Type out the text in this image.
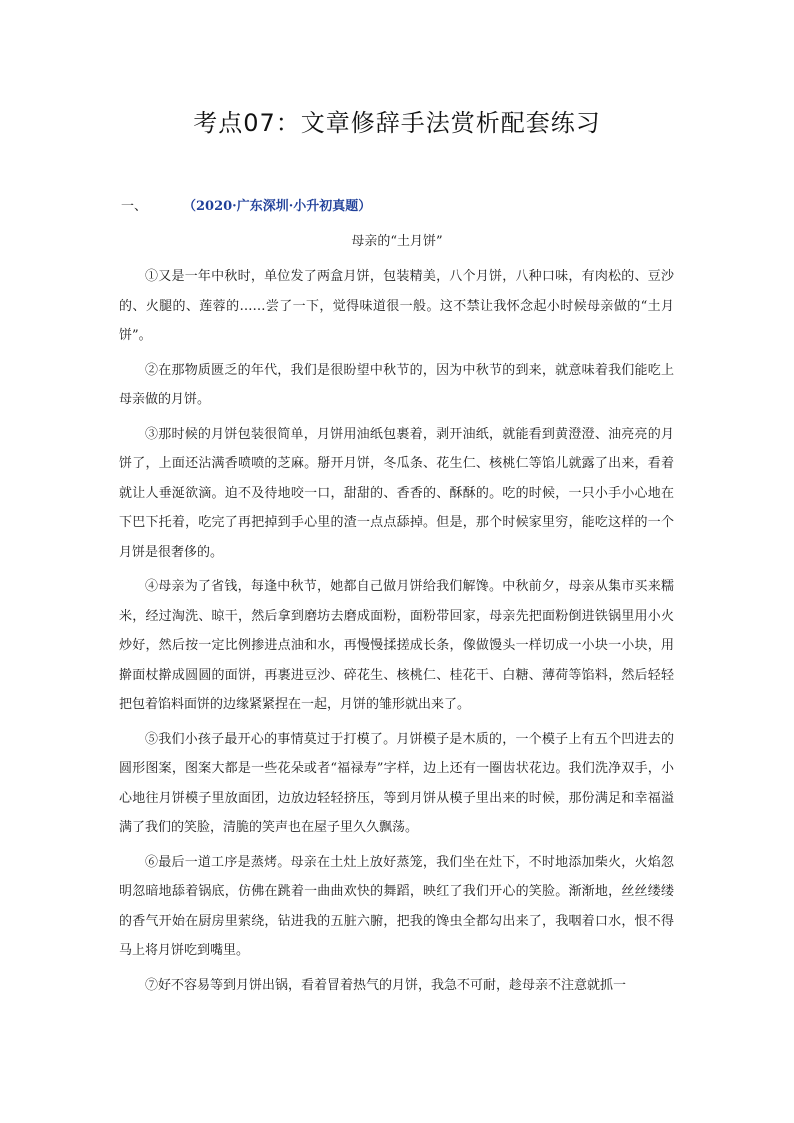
考点07：文章修辞手法赏析配套练习
一、	（2020·广东深圳·小升初真题）
母亲的“土月饼”

①又是一年中秋时，单位发了两盒月饼，包装精美，八个月饼，八种口味，有肉松的、豆沙的、火腿的、莲蓉的……尝了一下，觉得味道很一般。这不禁让我怀念起小时候母亲做的“土月饼”。

②在那物质匮乏的年代，我们是很盼望中秋节的，因为中秋节的到来，就意味着我们能吃上母亲做的月饼。

③那时候的月饼包装很简单，月饼用油纸包裹着，剥开油纸，就能看到黄澄澄、油亮亮的月饼了，上面还沾满香喷喷的芝麻。掰开月饼，冬瓜条、花生仁、核桃仁等馅儿就露了出来，看着就让人垂涎欲滴。迫不及待地咬一口，甜甜的、香香的、酥酥的。吃的时候，一只小手小心地在下巴下托着，吃完了再把掉到手心里的渣一点点舔掉。但是，那个时候家里穷，能吃这样的一个月饼是很奢侈的。

④母亲为了省钱，每逢中秋节，她都自己做月饼给我们解馋。中秋前夕，母亲从集市买来糯米，经过淘洗、晾干，然后拿到磨坊去磨成面粉，面粉带回家，母亲先把面粉倒进铁锅里用小火炒好，然后按一定比例掺进点油和水，再慢慢揉搓成长条，像做馒头一样切成一小块一小块，用擀面杖擀成圆圆的面饼，再裹进豆沙、碎花生、核桃仁、桂花干、白糖、薄荷等馅料，然后轻轻把包着馅料面饼的边缘紧紧捏在一起，月饼的雏形就出来了。

⑤我们小孩子最开心的事情莫过于打模了。月饼模子是木质的，一个模子上有五个凹进去的圆形图案，图案大都是一些花朵或者“福禄寿”字样，边上还有一圈齿状花边。我们洗净双手，小心地往月饼模子里放面团，边放边轻轻挤压，等到月饼从模子里出来的时候，那份满足和幸福溢满了我们的笑脸，清脆的笑声也在屋子里久久飘荡。

⑥最后一道工序是蒸烤。母亲在土灶上放好蒸笼，我们坐在灶下，不时地添加柴火，火焰忽明忽暗地舔着锅底，仿佛在跳着一曲曲欢快的舞蹈，映红了我们开心的笑脸。渐渐地，丝丝缕缕的香气开始在厨房里萦绕，钻进我的五脏六腑，把我的馋虫全都勾出来了，我咽着口水，恨不得马上将月饼吃到嘴里。

⑦好不容易等到月饼出锅，看着冒着热气的月饼，我急不可耐，趁母亲不注意就抓一
